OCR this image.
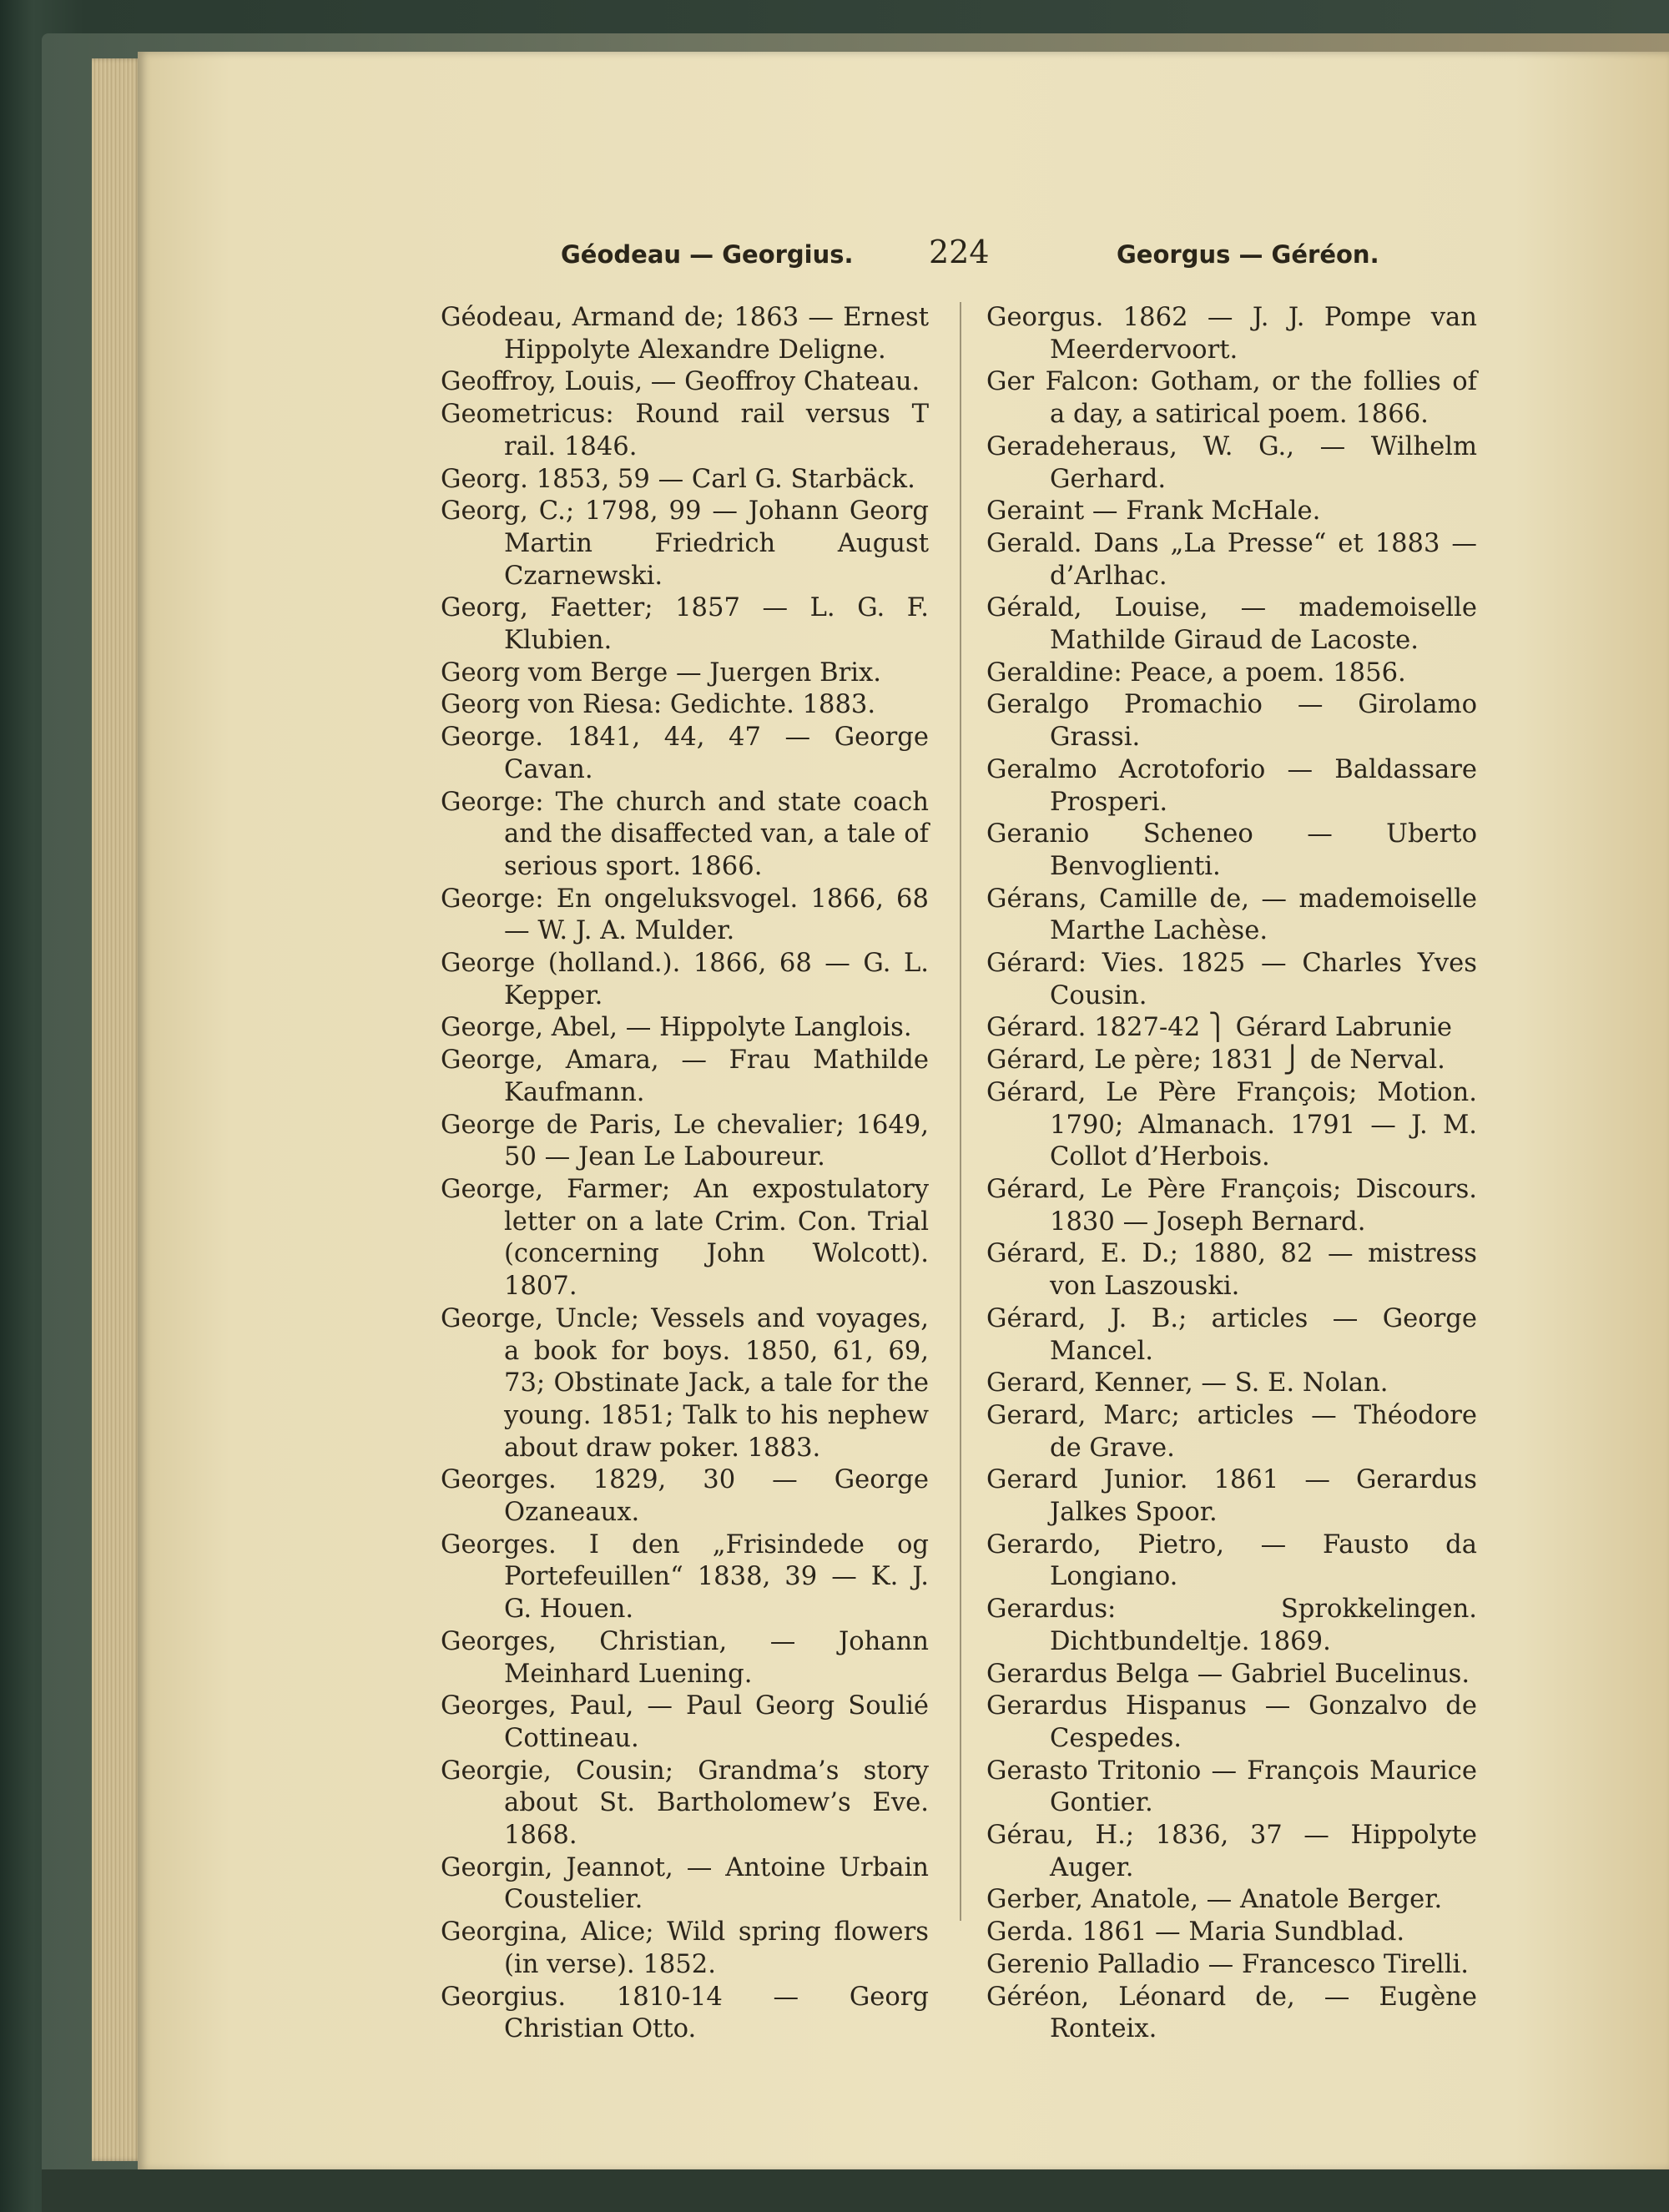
Géodeau — Georgius. 224	Georgus — Géréon.

Géodeau, Armand de; 1863 — Ernest Hippolyte Alexandre Deligne.

Geoffroy, Louis, — Geoffroy Chateau.

Geometricus: Round rail versus T rail. 1846.

Georg. 1853, 59 — Carl G. Starbäck.

Georg, C.; 1798, 99 — Johann Georg Martin Friedrich August Czarnewski.

Georg, Faetter; 1857 — L. G. F. Klubien.

Georg vom Berge — Juergen Brix.

Georg von Riesa: Gedichte. 1883.

George. 1841, 44, 47 — George Cavan.

George: The church and state coach and the disaffected van, a tale of serious sport. 1866.

George: En ongeluksvogel. 1866, 68 — W. J. A. Mulder.

George (holland.). 1866, 68 — G. L. Kepper.

George, Abel, — Hippolyte Langlois.

George, Amara, — Frau Mathilde Kaufmann.

George de Paris, Le chevalier; 1649, 50 — Jean Le Laboureur.

George, Farmer; An expostulatory letter on a late Crim. Con. Trial (concerning John Wolcott). 1807.

George, Uncle; Vessels and voyages, a book for boys. 1850, 61, 69, 73; Obstinate Jack, a tale for the young. 1851; Talk to his nephew about draw poker. 1883.

Georges. 1829, 30 — George Ozaneaux.

Georges. I den „Frisindede og Portefeuillen“ 1838, 39 — K. J. G. Houen.

Georges, Christian, — Johann Meinhard Luening.

Georges, Paul, — Paul Georg Soulié Cottineau.

Georgie, Cousin; Grandma’s story about St. Bartholomew’s Eve. 1868.

Georgin, Jeannot, — Antoine Urbain Coustelier.

Georgina, Alice; Wild spring flowers (in verse). 1852.

Georgius. 1810-14 — Georg Christian Otto.

Georgus. 1862 — J. J. Pompe van Meerdervoort.

Ger Falcon: Gotham, or the follies of a day, a satirical poem. 1866.

Geradeheraus, W. G., — Wilhelm Gerhard.

Geraint — Frank McHale.

Gerald. Dans „La Presse“ et 1883 — d’Arlhac.

Gérald, Louise, — mademoiselle Mathilde Giraud de Lacoste.

Geraldine: Peace, a poem. 1856.

Geralgo Promachio — Girolamo Grassi.

Geralmo Acrotoforio — Baldassare Prosperi.

Geranio Scheneo — Uberto Benvoglienti.

Gérans, Camille de, — mademoiselle Marthe Lachèse.

Gérard: Vies. 1825 — Charles Yves Cousin.

Gérard. 1827-42 ⎫ Gérard Labrunie

Gérard, Le père; 1831 ⎭ de Nerval.

Gérard, Le Père François; Motion. 1790; Almanach. 1791 — J. M. Collot d’Herbois.

Gérard, Le Père François; Discours. 1830 — Joseph Bernard.

Gérard, E. D.; 1880, 82 — mistress von Laszouski.

Gérard, J. B.; articles — George Mancel.

Gerard, Kenner, — S. E. Nolan.

Gerard, Marc; articles — Théodore de Grave.

Gerard Junior. 1861 — Gerardus Jalkes Spoor.

Gerardo, Pietro, — Fausto da Longiano.

Gerardus: Sprokkelingen. Dichtbundeltje. 1869.

Gerardus Belga — Gabriel Bucelinus.

Gerardus Hispanus — Gonzalvo de Cespedes.

Gerasto Tritonio — François Maurice Gontier.

Gérau, H.; 1836, 37 — Hippolyte Auger.

Gerber, Anatole, — Anatole Berger.

Gerda. 1861 — Maria Sundblad.

Gerenio Palladio — Francesco Tirelli.

Géréon, Léonard de, — Eugène Ronteix.
